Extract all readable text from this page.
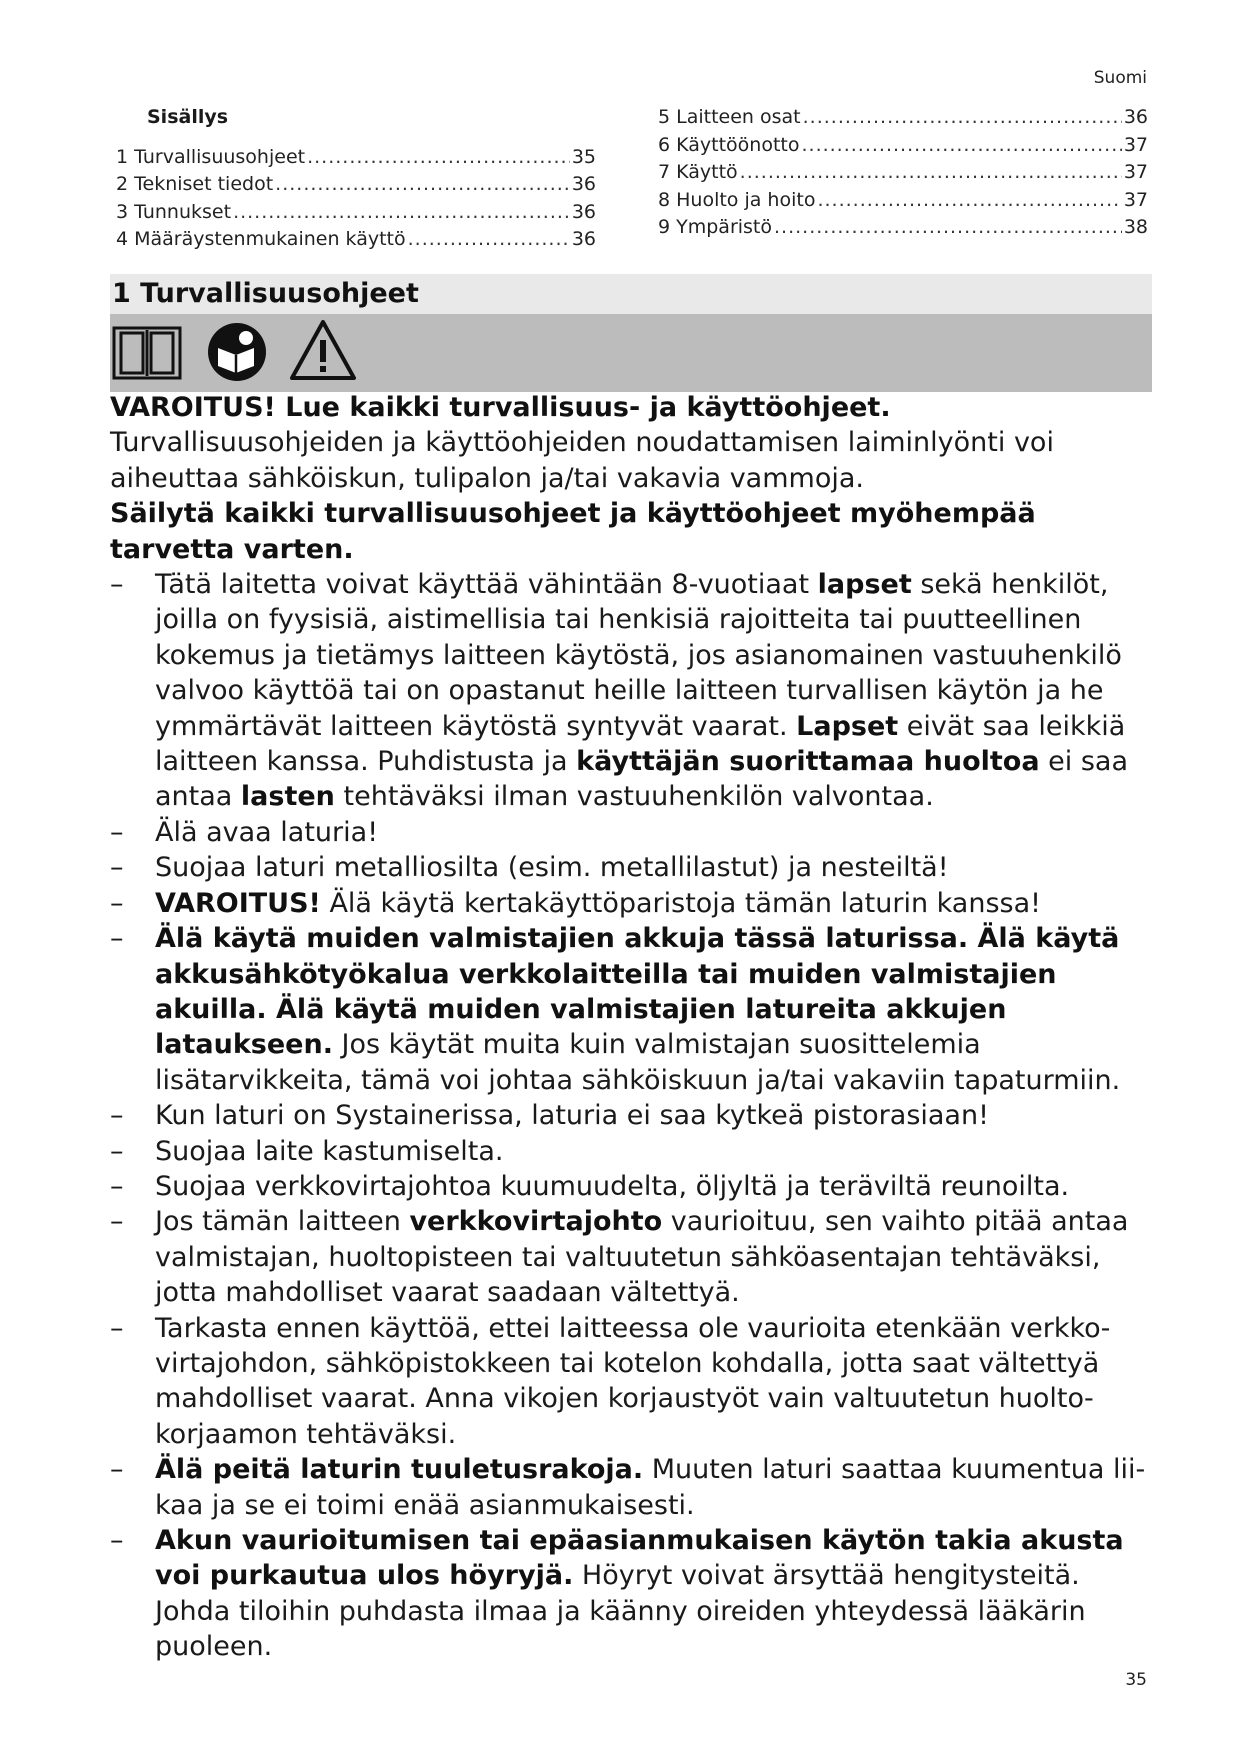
Suomi
Sisällys
1 Turvallisuusohjeet .....	35
2 Tekniset tiedot .....	36
3 Tunnukset .....	36
4 Määräystenmukainen käyttö .....	36
5 Laitteen osat .....	36
6 Käyttöönotto .....	37
7 Käyttö .....	37
8 Huolto ja hoito .....	37
9 Ympäristö .....	38
1 Turvallisuusohjeet

VAROITUS! Lue kaikki turvallisuus- ja käyttöohjeet. Turvallisuusohjeiden ja käyttöohjeiden noudattamisen laiminlyönti voi aiheuttaa sähköiskun, tulipalon ja/tai vakavia vammoja.

Säilytä kaikki turvallisuusohjeet ja käyttöohjeet myöhempää tarvetta varten.

– Tätä laitetta voivat käyttää vähintään 8-vuotiaat lapset sekä henkilöt, joilla on fyysisiä, aistimellisia tai henkisiä rajoitteita tai puutteellinen kokemus ja tietämys laitteen käytöstä, jos asianomainen vastuuhenkilö valvoo käyttöä tai on opastanut heille laitteen turvallisen käytön ja he ymmärtävät laitteen käytöstä syntyvät vaarat. Lapset eivät saa leikkiä laitteen kanssa. Puhdistusta ja käyttäjän suorittamaa huoltoa ei saa antaa lasten tehtäväksi ilman vastuuhenkilön valvontaa.
– Älä avaa laturia!
– Suojaa laturi metalliosilta (esim. metallilastut) ja nesteiltä!
– VAROITUS! Älä käytä kertakäyttöparistoja tämän laturin kanssa!
– Älä käytä muiden valmistajien akkuja tässä laturissa. Älä käytä akkusähkötyökalua verkkolaitteilla tai muiden valmistajien akuilla. Älä käytä muiden valmistajien latureita akkujen lataukseen. Jos käytät muita kuin valmistajan suosittelemia lisätarvikkeita, tämä voi johtaa sähköiskuun ja/tai vakaviin tapaturmiin.
– Kun laturi on Systainerissa, laturia ei saa kytkeä pistorasiaan!
– Suojaa laite kastumiselta.
– Suojaa verkkovirtajohtoa kuumuudelta, öljyltä ja teräviltä reunoilta.
– Jos tämän laitteen verkkovirtajohto vaurioituu, sen vaihto pitää antaa valmistajan, huoltopisteen tai valtuutetun sähköasentajan tehtäväksi, jotta mahdolliset vaarat saadaan vältettyä.
– Tarkasta ennen käyttöä, ettei laitteessa ole vaurioita etenkään verkkovirtajohdon, sähköpistokkeen tai kotelon kohdalla, jotta saat vältettyä mahdolliset vaarat. Anna vikojen korjaustyöt vain valtuutetun huoltokorjaamon tehtäväksi.
– Älä peitä laturin tuuletusrakoja. Muuten laturi saattaa kuumentua liikaa ja se ei toimi enää asianmukaisesti.
– Akun vaurioitumisen tai epäasianmukaisen käytön takia akusta voi purkautua ulos höyryjä. Höyryt voivat ärsyttää hengitysteitä. Johda tiloihin puhdasta ilmaa ja käänny oireiden yhteydessä lääkärin puoleen.
35
